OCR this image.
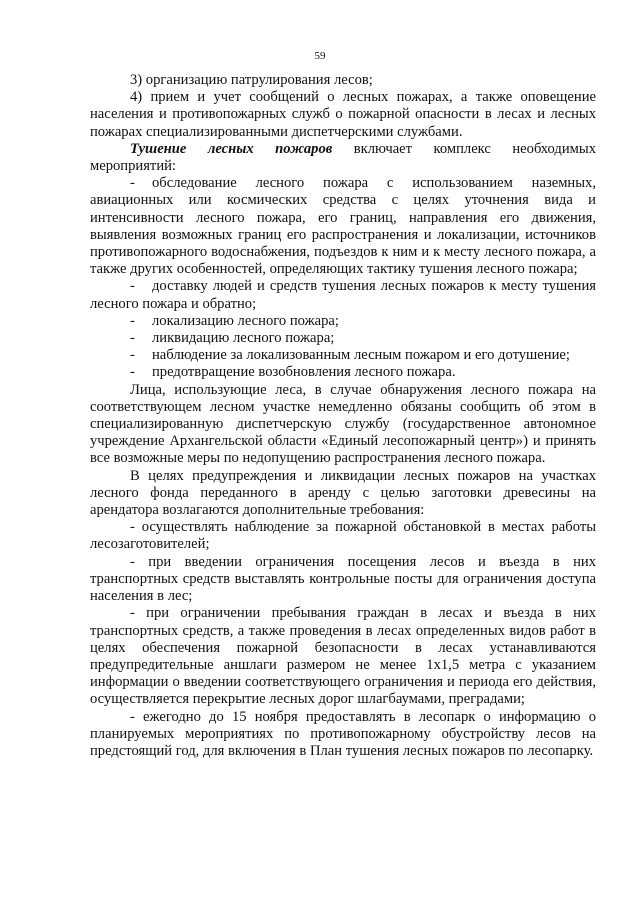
59

3) организацию патрулирования лесов;

4) прием и учет сообщений о лесных пожарах, а также оповещение населения и противопожарных служб о пожарной опасности в лесах и лесных пожарах специализированными диспетчерскими службами.

Тушение лесных пожаров включает комплекс необходимых мероприятий:

- обследование лесного пожара с использованием наземных, авиационных или космических средства с целях уточнения вида и интенсивности лесного пожара, его границ, направления его движения, выявления возможных границ его распространения и локализации, источников противопожарного водоснабжения, подъездов к ним и к месту лесного пожара, а также других особенностей, определяющих тактику тушения лесного пожара;

- доставку людей и средств тушения лесных пожаров к месту тушения лесного пожара и обратно;

-	локализацию лесного пожара;

-	ликвидацию лесного пожара;

-	наблюдение за локализованным лесным пожаром и его дотушение;

-	предотвращение возобновления лесного пожара.

Лица, использующие леса, в случае обнаружения лесного пожара на соответствующем лесном участке немедленно обязаны сообщить об этом в специализированную диспетчерскую службу (государственное автономное учреждение Архангельской области «Единый лесопожарный центр») и принять все возможные меры по недопущению распространения лесного пожара.

В целях предупреждения и ликвидации лесных пожаров на участках лесного фонда переданного в аренду с целью заготовки древесины на арендатора возлагаются дополнительные требования:

- осуществлять наблюдение за пожарной обстановкой в местах работы лесозаготовителей;

- при введении ограничения посещения лесов и въезда в них транспортных средств выставлять контрольные посты для ограничения доступа населения в лес;

- при ограничении пребывания граждан в лесах и въезда в них транспортных средств, а также проведения в лесах определенных видов работ в целях обеспечения пожарной безопасности в лесах устанавливаются предупредительные аншлаги размером не менее 1х1,5 метра с указанием информации о введении соответствующего ограничения и периода его действия, осуществляется перекрытие лесных дорог шлагбаумами, преградами;

- ежегодно до 15 ноября предоставлять в лесопарк о информацию о планируемых мероприятиях по противопожарному обустройству лесов на предстоящий год, для включения в План тушения лесных пожаров по лесопарку.
